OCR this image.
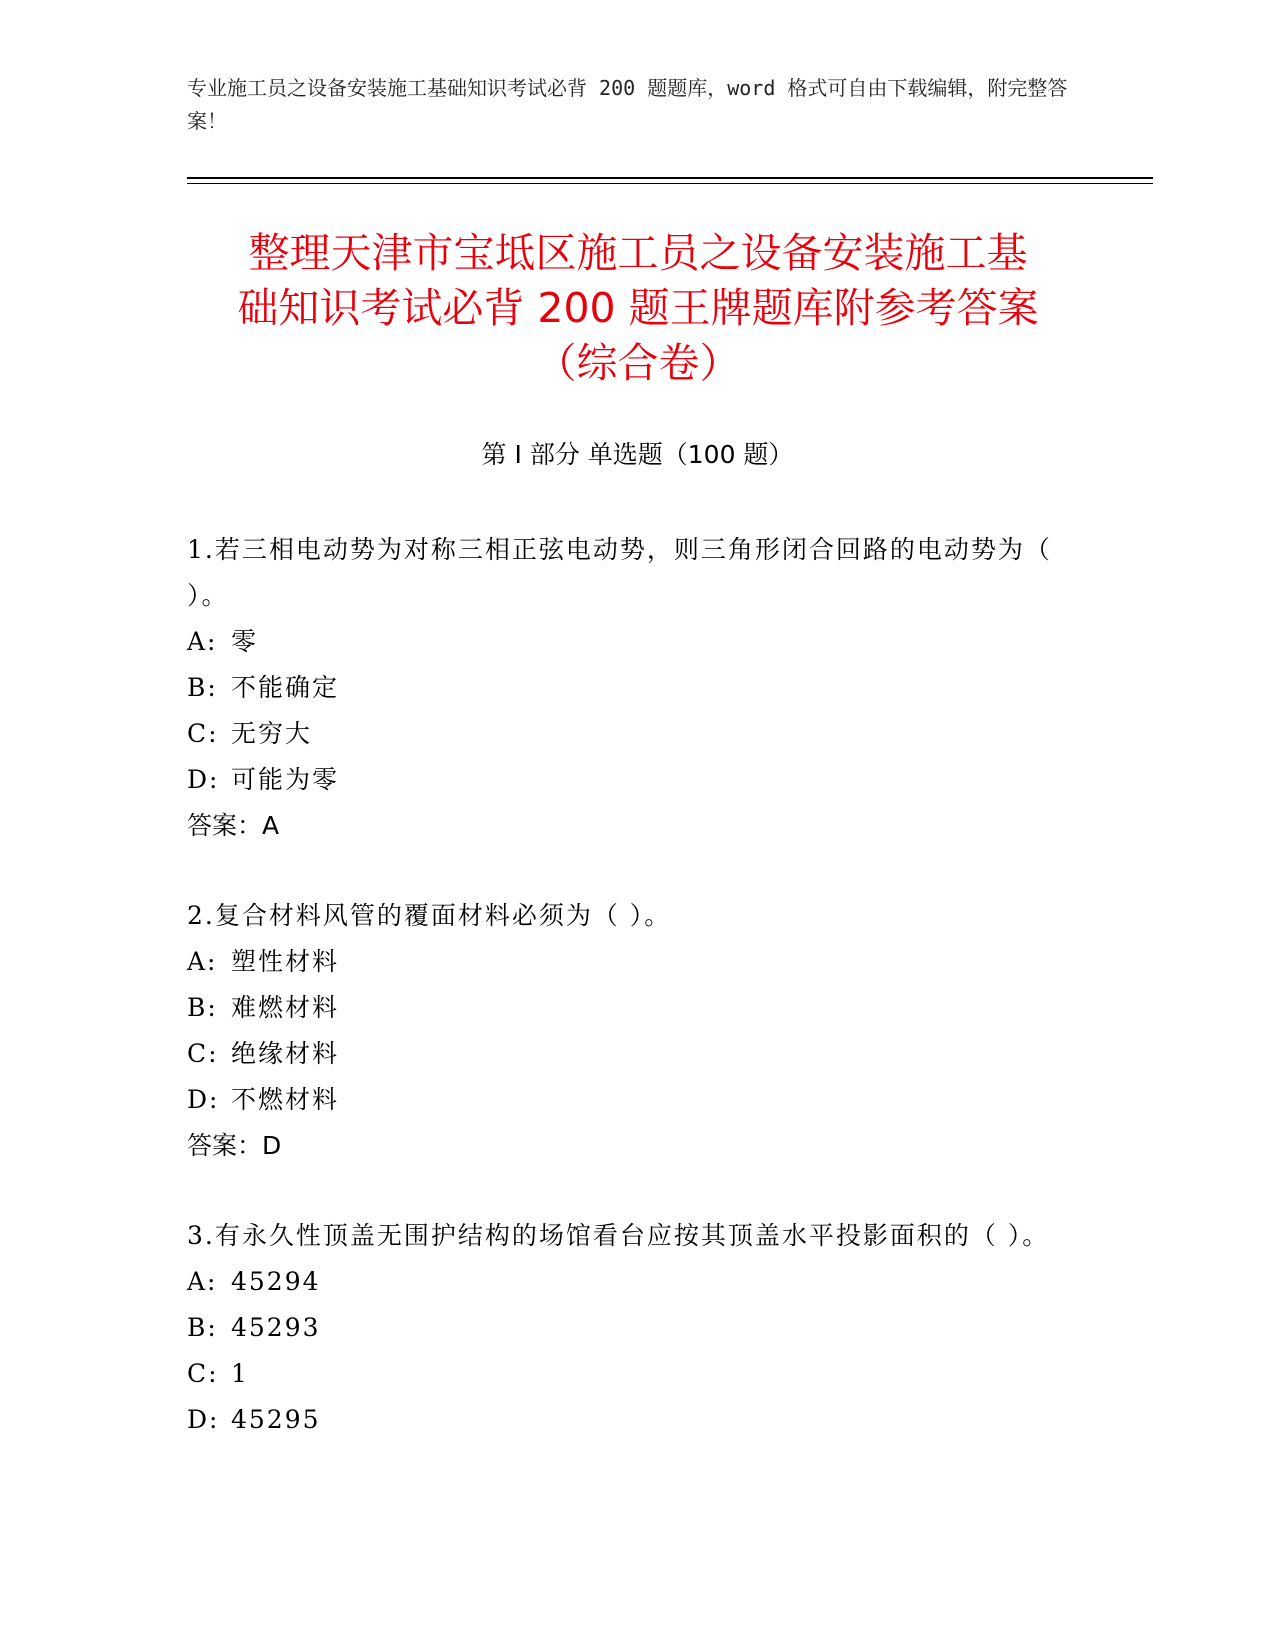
专业施工员之设备安装施工基础知识考试必背 200 题题库，word 格式可自由下载编辑，附完整答案！
整理天津市宝坻区施工员之设备安装施工基
础知识考试必背 200 题王牌题库附参考答案
（综合卷）
第 I 部分 单选题（100 题）

1.若三相电动势为对称三相正弦电动势，则三角形闭合回路的电动势为（ ）。

A: 零

B: 不能确定

C: 无穷大

D: 可能为零

答案：A

2.复合材料风管的覆面材料必须为（ ）。

A: 塑性材料

B: 难燃材料

C: 绝缘材料

D: 不燃材料

答案：D

3.有永久性顶盖无围护结构的场馆看台应按其顶盖水平投影面积的（ ）。

A: 45294

B: 45293

C: 1

D: 45295
